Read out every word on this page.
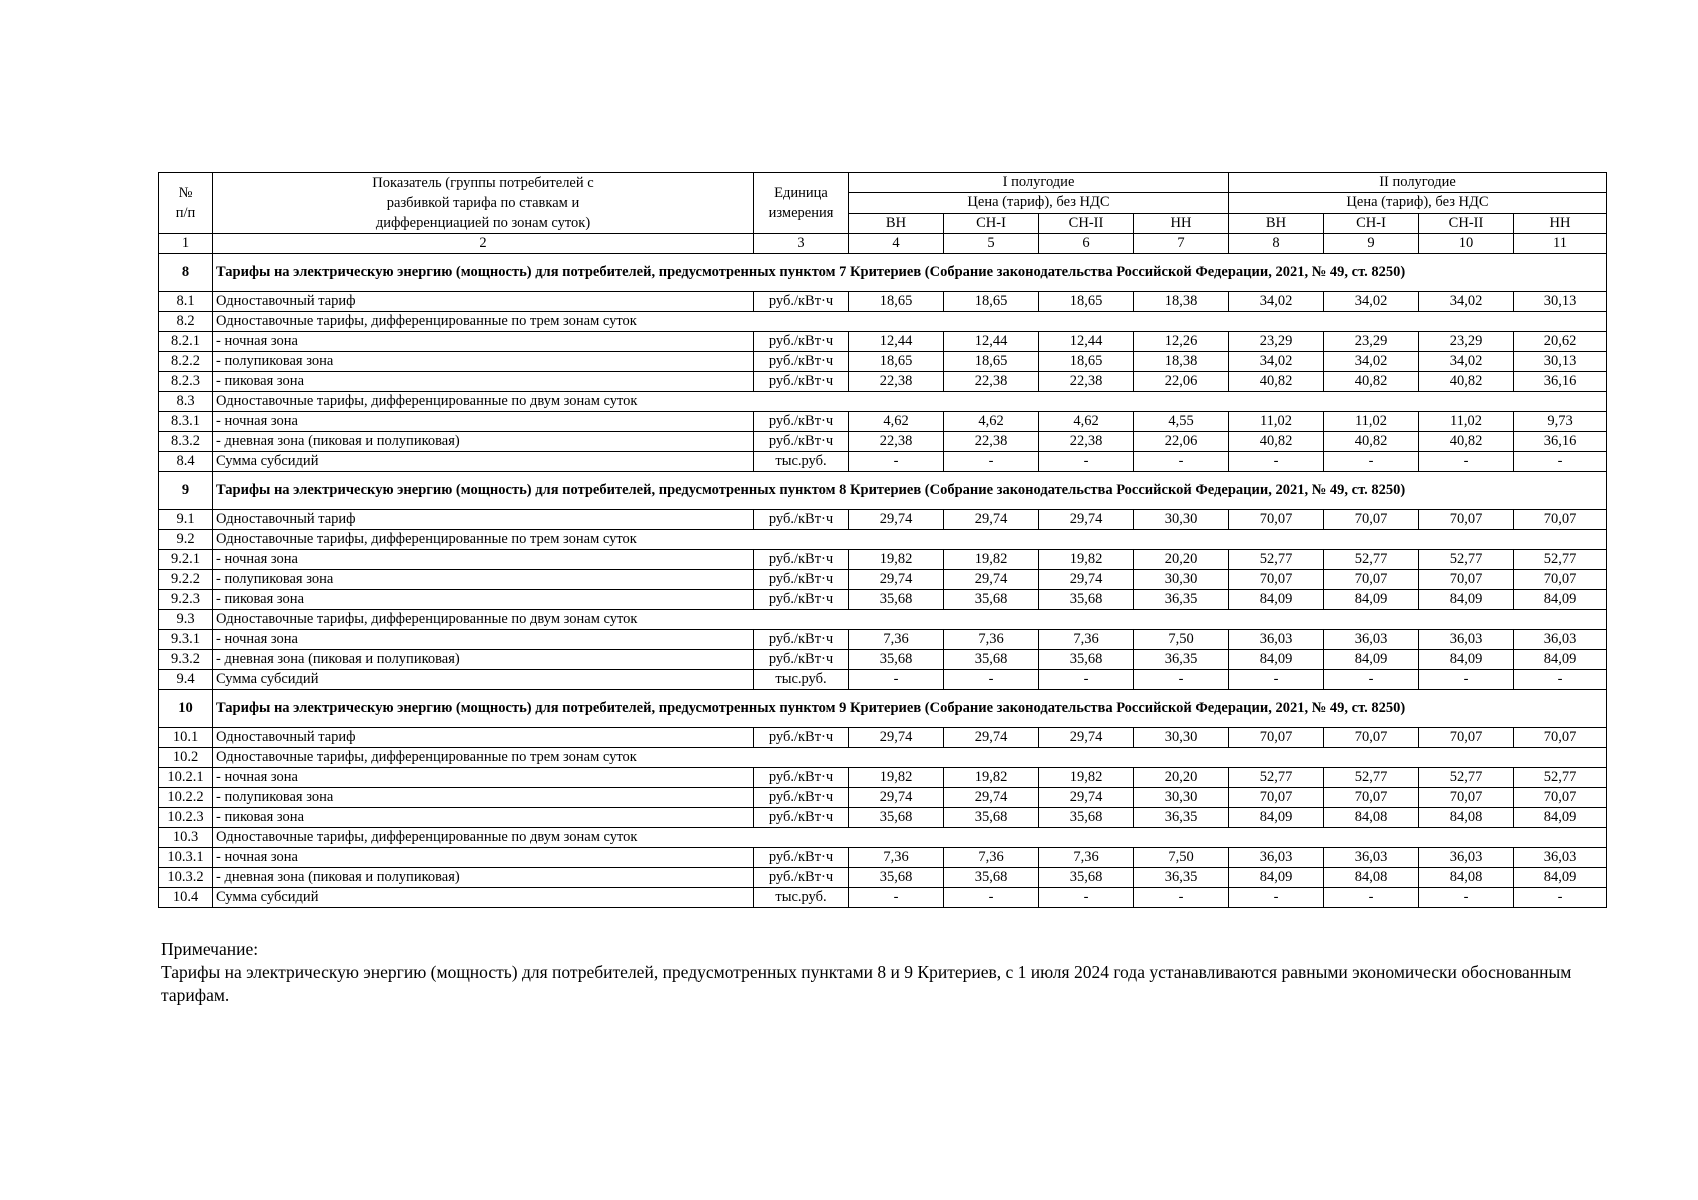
№
п/п	Показатель (группы потребителей с разбивкой тарифа по ставкам и дифференциацией по зонам суток)	Единица измерения	I полугодие				II полугодие			
			Цена (тариф), без НДС				Цена (тариф), без НДС			
			ВН	СН-I	СН-II	НН	ВН	СН-I	СН-II	НН
1	2	3	4	5	6	7	8	9	10	11
8	Тарифы на электрическую энергию (мощность) для потребителей, предусмотренных пунктом 7 Критериев (Собрание законодательства Российской Федерации, 2021, № 49, ст. 8250)									
8.1	Одноставочный тариф	руб./кВт·ч	18,65	18,65	18,65	18,38	34,02	34,02	34,02	30,13
8.2	Одноставочные тарифы, дифференцированные по трем зонам суток									
8.2.1	- ночная зона	руб./кВт·ч	12,44	12,44	12,44	12,26	23,29	23,29	23,29	20,62
8.2.2	- полупиковая зона	руб./кВт·ч	18,65	18,65	18,65	18,38	34,02	34,02	34,02	30,13
8.2.3	- пиковая зона	руб./кВт·ч	22,38	22,38	22,38	22,06	40,82	40,82	40,82	36,16
8.3	Одноставочные тарифы, дифференцированные по двум зонам суток									
8.3.1	- ночная зона	руб./кВт·ч	4,62	4,62	4,62	4,55	11,02	11,02	11,02	9,73
8.3.2	- дневная зона (пиковая и полупиковая)	руб./кВт·ч	22,38	22,38	22,38	22,06	40,82	40,82	40,82	36,16
8.4	Сумма субсидий	тыс.руб.	-	-	-	-	-	-	-	-
9	Тарифы на электрическую энергию (мощность) для потребителей, предусмотренных пунктом 8 Критериев (Собрание законодательства Российской Федерации, 2021, № 49, ст. 8250)									
9.1	Одноставочный тариф	руб./кВт·ч	29,74	29,74	29,74	30,30	70,07	70,07	70,07	70,07
9.2	Одноставочные тарифы, дифференцированные по трем зонам суток									
9.2.1	- ночная зона	руб./кВт·ч	19,82	19,82	19,82	20,20	52,77	52,77	52,77	52,77
9.2.2	- полупиковая зона	руб./кВт·ч	29,74	29,74	29,74	30,30	70,07	70,07	70,07	70,07
9.2.3	- пиковая зона	руб./кВт·ч	35,68	35,68	35,68	36,35	84,09	84,09	84,09	84,09
9.3	Одноставочные тарифы, дифференцированные по двум зонам суток									
9.3.1	- ночная зона	руб./кВт·ч	7,36	7,36	7,36	7,50	36,03	36,03	36,03	36,03
9.3.2	- дневная зона (пиковая и полупиковая)	руб./кВт·ч	35,68	35,68	35,68	36,35	84,09	84,09	84,09	84,09
9.4	Сумма субсидий	тыс.руб.	-	-	-	-	-	-	-	-
10	Тарифы на электрическую энергию (мощность) для потребителей, предусмотренных пунктом 9 Критериев (Собрание законодательства Российской Федерации, 2021, № 49, ст. 8250)									
10.1	Одноставочный тариф	руб./кВт·ч	29,74	29,74	29,74	30,30	70,07	70,07	70,07	70,07
10.2	Одноставочные тарифы, дифференцированные по трем зонам суток									
10.2.1	- ночная зона	руб./кВт·ч	19,82	19,82	19,82	20,20	52,77	52,77	52,77	52,77
10.2.2	- полупиковая зона	руб./кВт·ч	29,74	29,74	29,74	30,30	70,07	70,07	70,07	70,07
10.2.3	- пиковая зона	руб./кВт·ч	35,68	35,68	35,68	36,35	84,09	84,08	84,08	84,09
10.3	Одноставочные тарифы, дифференцированные по двум зонам суток									
10.3.1	- ночная зона	руб./кВт·ч	7,36	7,36	7,36	7,50	36,03	36,03	36,03	36,03
10.3.2	- дневная зона (пиковая и полупиковая)	руб./кВт·ч	35,68	35,68	35,68	36,35	84,09	84,08	84,08	84,09
10.4	Сумма субсидий	тыс.руб.	-	-	-	-	-	-	-	-

Примечание:

Тарифы на электрическую энергию (мощность) для потребителей, предусмотренных пунктами 8 и 9 Критериев, с 1 июля 2024 года устанавливаются равными экономически обоснованным тарифам.
